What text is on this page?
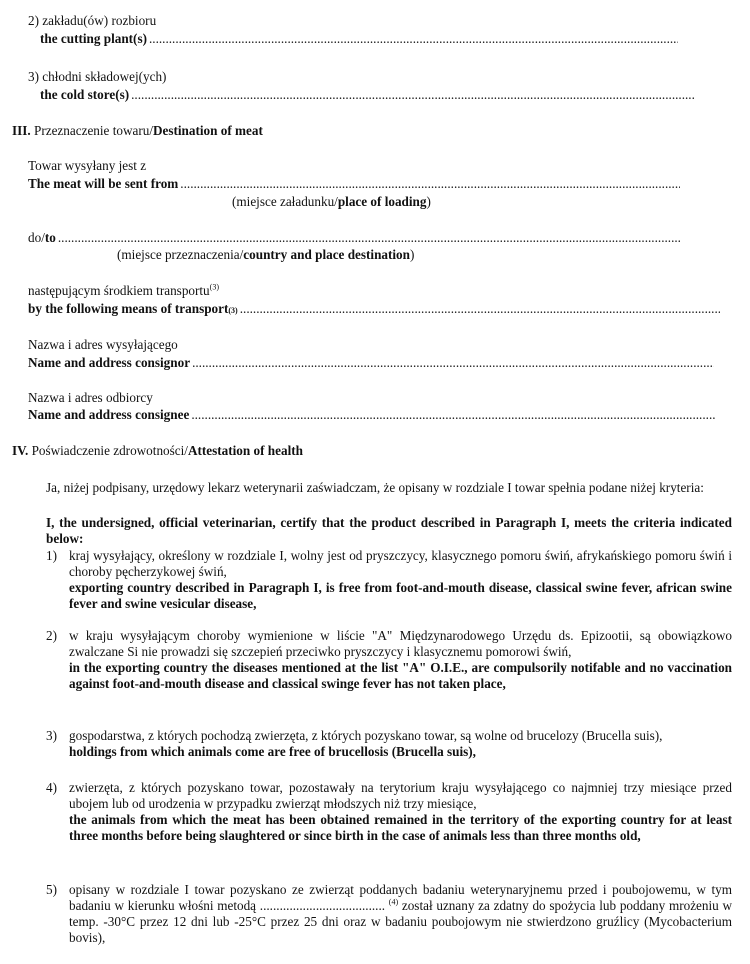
2) zakładu(ów) rozbioru
the cutting plant(s)
.....
3) chłodni składowej(ych)
the cold store(s)
.....
III. Przeznaczenie towaru/Destination of meat
Towar wysyłany jest z
The meat will be sent from
.....
(miejsce załadunku/place of loading)
do/ to
.....
(miejsce przeznaczenia/country and place destination)
następującym środkiem transportu$^{(3)}$
by the following means of transport (3)
.....
Nazwa i adres wysyłającego
Name and address consignor
.....
Nazwa i adres odbiorcy
Name and address consignee
.....
IV. Poświadczenie zdrowotności/Attestation of health
Ja, niżej podpisany, urzędowy lekarz weterynarii zaświadczam, że opisany w rozdziale I towar spełnia podane niżej kryteria:
I, the undersigned, official veterinarian, certify that the product described in Paragraph I, meets the criteria indicated below:
1) kraj wysyłający, określony w rozdziale I, wolny jest od pryszczycy, klasycznego pomoru świń, afrykańskiego pomoru świń i choroby pęcherzykowej świń,
exporting country described in Paragraph I, is free from foot-and-mouth disease, classical swine fever, african swine fever and swine vesicular disease,
2) w kraju wysyłającym choroby wymienione w liście "A" Międzynarodowego Urzędu ds. Epizootii, są obowiązkowo zwalczane Si nie prowadzi się szczepień przeciwko pryszczycy i klasycznemu pomorowi świń,
in the exporting country the diseases mentioned at the list "A" O.I.E., are compulsorily notifable and no vaccination against foot-and-mouth disease and classical swinge fever has not taken place,
3) gospodarstwa, z których pochodzą zwierzęta, z których pozyskano towar, są wolne od brucelozy (Brucella suis),
holdings from which animals come are free of brucellosis (Brucella suis),
4) zwierzęta, z których pozyskano towar, pozostawały na terytorium kraju wysyłającego co najmniej trzy miesiące przed ubojem lub od urodzenia w przypadku zwierząt młodszych niż trzy miesiące,
the animals from which the meat has been obtained remained in the territory of the exporting country for at least three months before being slaughtered or since birth in the case of animals less than three months old,
5) opisany w rozdziale I towar pozyskano ze zwierząt poddanych badaniu weterynaryjnemu przed i poubojowemu, w tym badaniu w kierunku włośni metodą ...................................... $^{(4)}$ został uznany za zdatny do spożycia lub poddany mrożeniu w temp. -30°C przez 12 dni lub -25°C przez 25 dni oraz w badaniu poubojowym nie stwierdzono gruźlicy (Mycobacterium bovis),
